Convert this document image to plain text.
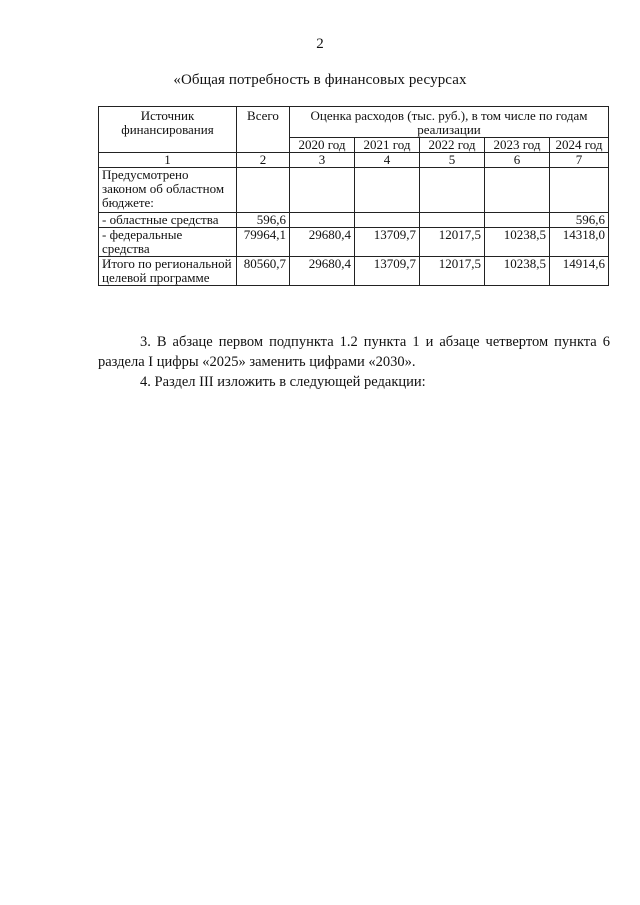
2
«Общая потребность в финансовых ресурсах
Источник финансирования	Всего	Оценка расходов (тыс. руб.), в том числе по годам реализации				
		2020 год	2021 год	2022 год	2023 год	2024 год
1	2	3	4	5	6	7
Предусмотрено законом об областном бюджете:						
- областные средства	596,6					596,6
- федеральные средства	79964,1	29680,4	13709,7	12017,5	10238,5	14318,0
Итого по региональной целевой программе	80560,7	29680,4	13709,7	12017,5	10238,5	14914,6
3. В абзаце первом подпункта 1.2 пункта 1 и абзаце четвертом пункта 6 раздела I цифры «2025» заменить цифрами «2030».
4. Раздел III изложить в следующей редакции:
